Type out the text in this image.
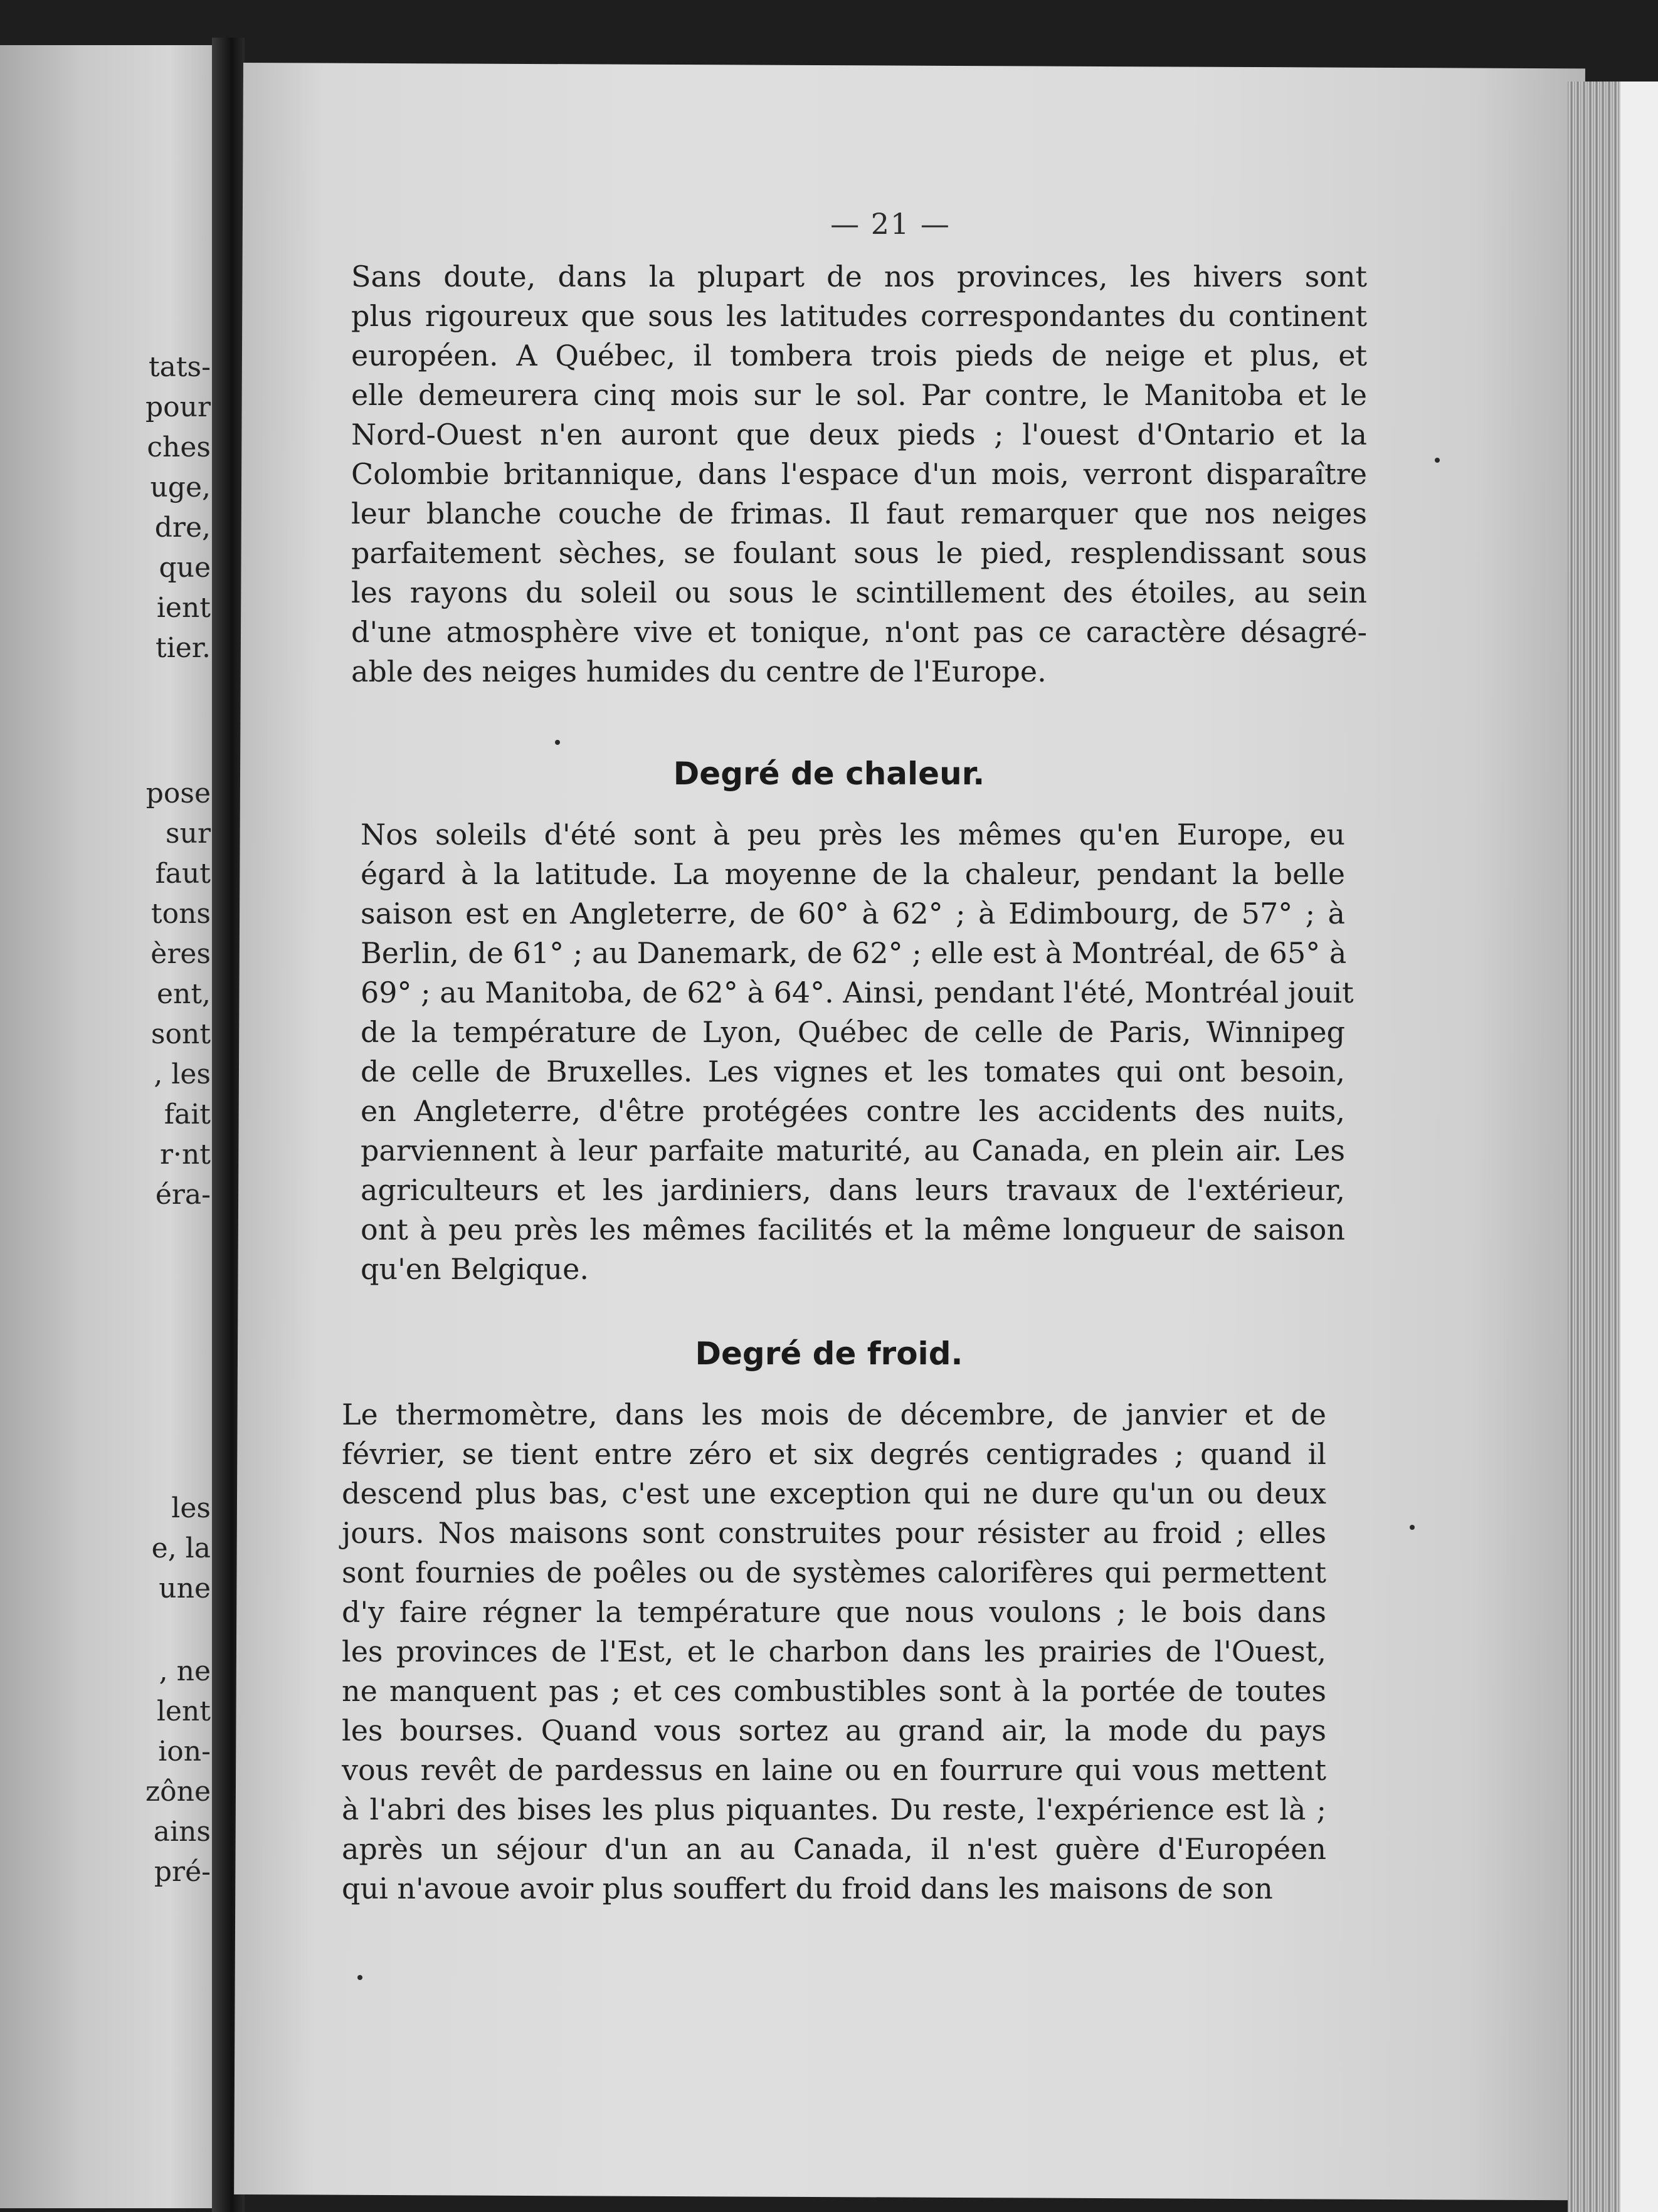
tats-
pour
ches
uge,
dre,
que
ient
tier.
pose
sur
faut
tons
ères
ent,
sont
, les
fait
r·nt
éra-
les
e, la
une
, ne
lent
ion-
zône
ains
pré-
— 21 —
Sans doute, dans la plupart de nos provinces, les hivers sont
plus rigoureux que sous les latitudes correspondantes du continent
européen. A Québec, il tombera trois pieds de neige et plus, et
elle demeurera cinq mois sur le sol. Par contre, le Manitoba et le
Nord-Ouest n'en auront que deux pieds ; l'ouest d'Ontario et la
Colombie britannique, dans l'espace d'un mois, verront disparaître
leur blanche couche de frimas. Il faut remarquer que nos neiges
parfaitement sèches, se foulant sous le pied, resplendissant sous
les rayons du soleil ou sous le scintillement des étoiles, au sein
d'une atmosphère vive et tonique, n'ont pas ce caractère désagré-
able des neiges humides du centre de l'Europe.
Degré de chaleur.
Nos soleils d'été sont à peu près les mêmes qu'en Europe, eu
égard à la latitude. La moyenne de la chaleur, pendant la belle
saison est en Angleterre, de 60° à 62° ; à Edimbourg, de 57° ; à
Berlin, de 61° ; au Danemark, de 62° ; elle est à Montréal, de 65° à
69° ; au Manitoba, de 62° à 64°. Ainsi, pendant l'été, Montréal jouit
de la température de Lyon, Québec de celle de Paris, Winnipeg
de celle de Bruxelles. Les vignes et les tomates qui ont besoin,
en Angleterre, d'être protégées contre les accidents des nuits,
parviennent à leur parfaite maturité, au Canada, en plein air. Les
agriculteurs et les jardiniers, dans leurs travaux de l'extérieur,
ont à peu près les mêmes facilités et la même longueur de saison
qu'en Belgique.
Degré de froid.
Le thermomètre, dans les mois de décembre, de janvier et de
février, se tient entre zéro et six degrés centigrades ; quand il
descend plus bas, c'est une exception qui ne dure qu'un ou deux
jours. Nos maisons sont construites pour résister au froid ; elles
sont fournies de poêles ou de systèmes calorifères qui permettent
d'y faire régner la température que nous voulons ; le bois dans
les provinces de l'Est, et le charbon dans les prairies de l'Ouest,
ne manquent pas ; et ces combustibles sont à la portée de toutes
les bourses. Quand vous sortez au grand air, la mode du pays
vous revêt de pardessus en laine ou en fourrure qui vous mettent
à l'abri des bises les plus piquantes. Du reste, l'expérience est là ;
après un séjour d'un an au Canada, il n'est guère d'Européen
qui n'avoue avoir plus souffert du froid dans les maisons de son
